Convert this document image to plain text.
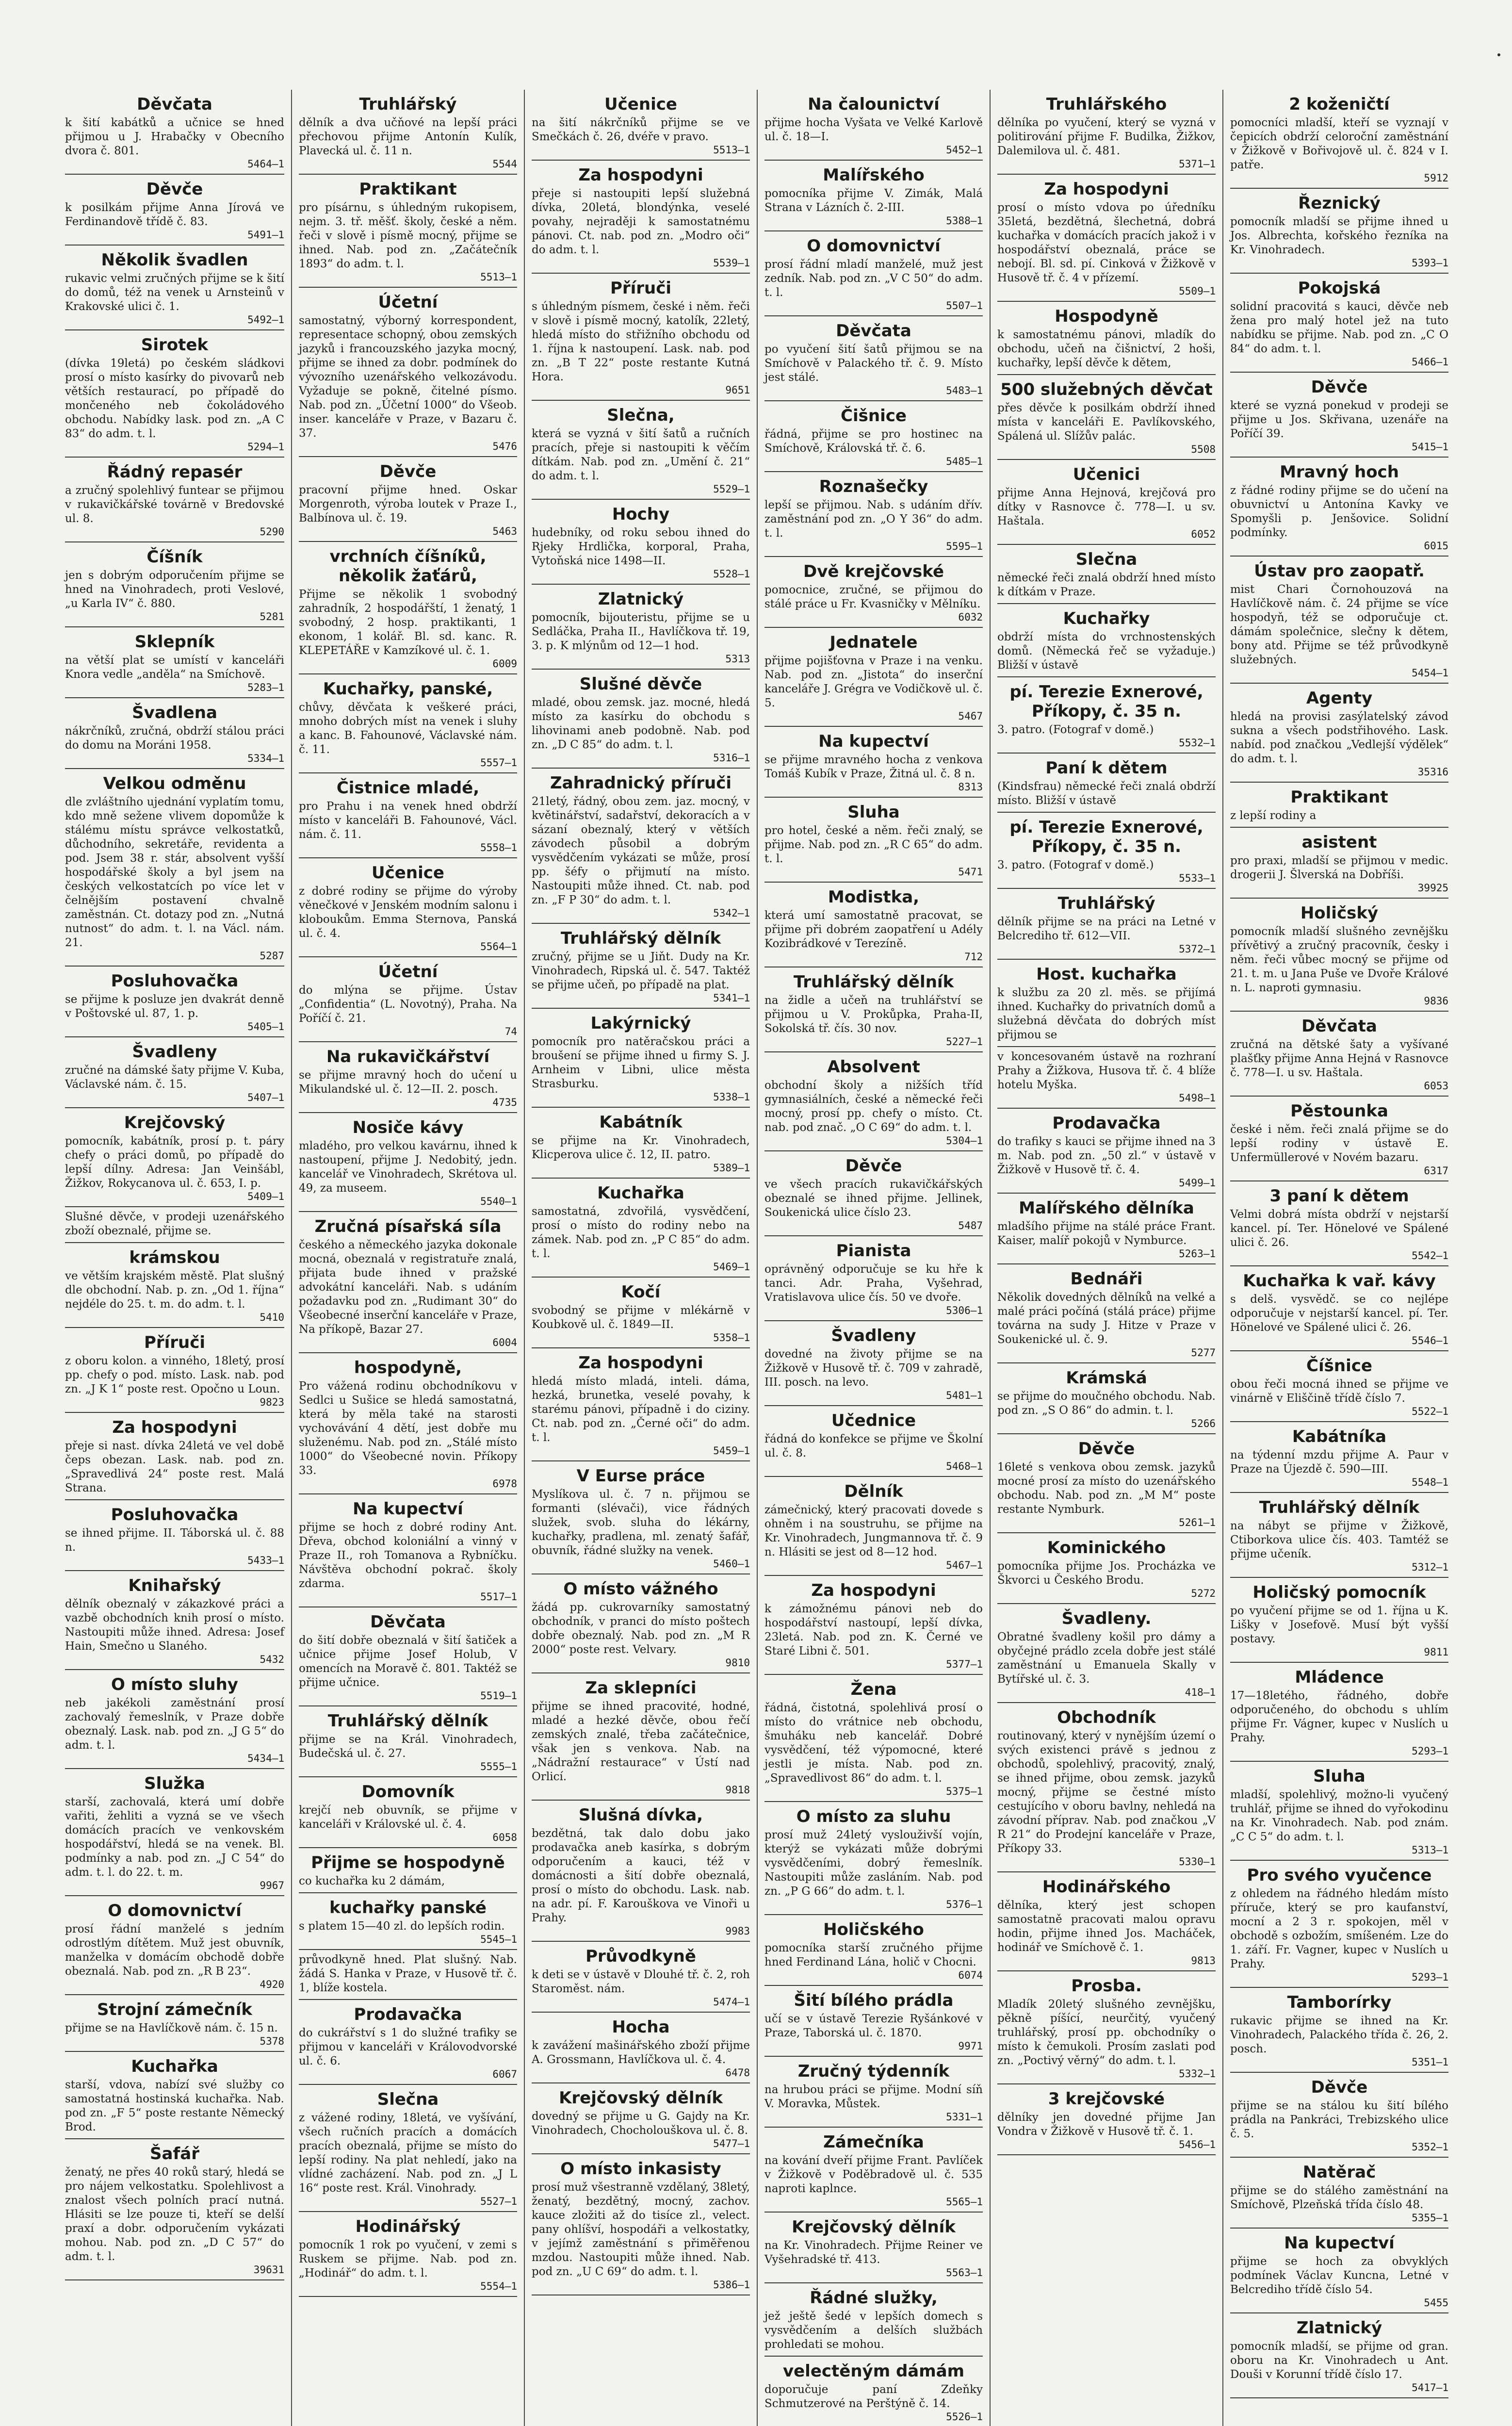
Děvčata

k šití kabátků a učnice se hned přijmou u J. Hrabačky v Obecního dvora č. 801.

5464—1

Děvče

k posilkám přijme Anna Jírová ve Ferdinandově třídě č. 83.

5491—1

Několik švadlen

rukavic velmi zručných přijme se k šití do domů, též na venek u Arnsteinů v Krakovské ulici č. 1.

5492—1

Sirotek

(dívka 19letá) po českém sládkovi prosí o místo kasírky do pivovarů neb větších restaurací, po případě do mončeného neb čokoládového obchodu. Nabídky lask. pod zn. „A C 83“ do adm. t. l.

5294—1

Řádný repasér

a zručný spolehlivý funtear se přijmou v rukavičkářské továrně v Bredovské ul. 8.

5290

Číšník

jen s dobrým odporučením přijme se hned na Vinohradech, proti Veslové, „u Karla IV“ č. 880.

5281

Sklepník

na větší plat se umístí v kanceláři Knora vedle „anděla“ na Smíchově.

5283—1

Švadlena

nákrčníků, zručná, obdrží stálou práci do domu na Moráni 1958.

5334—1

Velkou odměnu

dle zvláštního ujednání vyplatím tomu, kdo mně sežene vlivem dopomůže k stálému místu správce velkostatků, důchodního, sekretáře, revidenta a pod. Jsem 38 r. stár, absolvent vyšší hospodářské školy a byl jsem na českých velkostatcích po více let v čelnějším postavení chvalně zaměstnán. Ct. dotazy pod zn. „Nutná nutnost“ do adm. t. l. na Václ. nám. 21.

5287

Posluhovačka

se přijme k posluze jen dvakrát denně v Poštovské ul. 87, 1. p.

5405—1

Švadleny

zručné na dámské šaty přijme V. Kuba, Václavské nám. č. 15.

5407—1

Krejčovský

pomocník, kabátník, prosí p. t. páry chefy o práci domů, po případě do lepší dílny. Adresa: Jan Veinšábl, Žižkov, Rokycanova ul. č. 653, I. p.

5409—1

Slušné děvče, v prodeji uzenářského zboží obeznalé, přijme se.

krámskou

ve větším krajském městě. Plat slušný dle obchodní. Nab. p. zn. „Od 1. října“ nejdéle do 25. t. m. do adm. t. l.

5410

Příruči

z oboru kolon. a vinného, 18letý, prosí pp. chefy o pod. místo. Lask. nab. pod zn. „J K 1“ poste rest. Opočno u Loun.

9823

Za hospodyni

přeje si nast. dívka 24letá ve vel době čeps obezan. Lask. nab. pod zn. „Spravedlivá 24“ poste rest. Malá Strana.

Posluhovačka

se ihned přijme. II. Táborská ul. č. 88 n.

5433—1

Knihařský

dělník obeznalý v zákazkové práci a vazbě obchodních knih prosí o místo. Nastoupiti může ihned. Adresa: Josef Hain, Smečno u Slaného.

5432

O místo sluhy

neb jakékoli zaměstnání prosí zachovalý řemeslník, v Praze dobře obeznalý. Lask. nab. pod zn. „J G 5“ do adm. t. l.

5434—1

Služka

starší, zachovalá, která umí dobře vařiti, žehliti a vyzná se ve všech domácích pracích ve venkovském hospodářství, hledá se na venek. Bl. podmínky a nab. pod zn. „J C 54“ do adm. t. l. do 22. t. m.

9967

O domovnictví

prosí řádní manželé s jedním odrostlým dítětem. Muž jest obuvník, manželka v domácím obchodě dobře obeznalá. Nab. pod zn. „R B 23“.

4920

Strojní zámečník

přijme se na Havlíčkově nám. č. 15 n.

5378

Kuchařka

starší, vdova, nabízí své služby co samostatná hostinská kuchařka. Nab. pod zn. „F 5“ poste restante Německý Brod.

Šafář

ženatý, ne přes 40 roků starý, hledá se pro nájem velkostatku. Spolehlivost a znalost všech polních prací nutná. Hlásiti se lze pouze ti, kteří se delší praxí a dobr. odporučením vykázati mohou. Nab. pod zn. „D C 57“ do adm. t. l.

39631

Truhlářský

dělník a dva učňové na lepší práci přechovou přijme Antonín Kulík, Plavecká ul. č. 11 n.

5544

Praktikant

pro písárnu, s úhledným rukopisem, nejm. 3. tř. měšť. školy, české a něm. řeči v slově i písmě mocný, přijme se ihned. Nab. pod zn. „Začátečník 1893“ do adm. t. l.

5513—1

Účetní

samostatný, výborný korrespondent, representace schopný, obou zemských jazyků i francouzského jazyka mocný, přijme se ihned za dobr. podmínek do vývozního uzenářského velkozávodu. Vyžaduje se pokně, čitelné písmo. Nab. pod zn. „Účetní 1000“ do Všeob. inser. kanceláře v Praze, v Bazaru č. 37.

5476

Děvče

pracovní přijme hned. Oskar Morgenroth, výroba loutek v Praze I., Balbínova ul. č. 19.

5463

vrchních číšníků, několik žaťárů,

Přijme se několik 1 svobodný zahradník, 2 hospodářští, 1 ženatý, 1 svobodný, 2 hosp. praktikanti, 1 ekonom, 1 kolář. Bl. sd. kanc. R. KLEPETÁŘE v Kamzíkové ul. č. 1.

6009

Kuchařky, panské,

chůvy, děvčata k veškeré práci, mnoho dobrých míst na venek i sluhy a kanc. B. Fahounové, Václavské nám. č. 11.

5557—1

Čistnice mladé,

pro Prahu i na venek hned obdrží místo v kanceláři B. Fahounové, Václ. nám. č. 11.

5558—1

Učenice

z dobré rodiny se přijme do výroby věnečkové v Jenském modním salonu i kloboukům. Emma Sternova, Panská ul. č. 4.

5564—1

Účetní

do mlýna se přijme. Ústav „Confidentia“ (L. Novotný), Praha. Na Poříčí č. 21.

74

Na rukavičkářství

se přijme mravný hoch do učení u Mikulandské ul. č. 12—II. 2. posch.

4735

Nosiče kávy

mladého, pro velkou kavárnu, ihned k nastoupení, přijme J. Nedobitý, jedn. kancelář ve Vinohradech, Skrétova ul. 49, za museem.

5540—1

Zručná písařská síla

českého a německého jazyka dokonale mocná, obeznalá v registratuře znalá, přijata bude ihned v pražské advokátní kanceláři. Nab. s udáním požadavku pod zn. „Rudimant 30“ do Všeobecné inserční kanceláře v Praze, Na příkopě, Bazar 27.

6004

hospodyně,

Pro vážená rodinu obchodníkovu v Sedlci u Sušice se hledá samostatná, která by měla také na starosti vychovávání 4 dětí, jest dobře mu služenému. Nab. pod zn. „Stálé místo 1000“ do Všeobecné novin. Příkopy 33.

6978

Na kupectví

přijme se hoch z dobré rodiny Ant. Dřeva, obchod koloniální a vinný v Praze II., roh Tomanova a Rybníčku. Návštěva obchodní pokrač. školy zdarma.

5517—1

Děvčata

do šití dobře obeznalá v šití šatiček a učnice přijme Josef Holub, V omencích na Moravě č. 801. Taktéž se přijme učnice.

5519—1

Truhlářský dělník

přijme se na Král. Vinohradech, Budečská ul. č. 27.

5555—1

Domovník

krejčí neb obuvník, se přijme v kanceláři v Královské ul. č. 4.

6058

Přijme se hospodyně

co kuchařka ku 2 dámám,

kuchařky panské

s platem 15—40 zl. do lepších rodin.

5545—1

průvodkyně hned. Plat slušný. Nab. žádá S. Hanka v Praze, v Husově tř. č. 1, blíže kostela.

Prodavačka

do cukrářství s 1 do služné trafiky se přijmou v kanceláři v Královodvorské ul. č. 6.

6067

Slečna

z vážené rodiny, 18letá, ve vyšívání, všech ručních pracích a domácích pracích obeznalá, přijme se místo do lepší rodiny. Na plat nehledí, jako na vlídné zacházení. Nab. pod zn. „J L 16“ poste rest. Král. Vinohrady.

5527—1

Hodinářský

pomocník 1 rok po vyučení, v zemi s Ruskem se přijme. Nab. pod zn. „Hodinář“ do adm. t. l.

5554—1

Učenice

na šití nákrčníků přijme se ve Smečkách č. 26, dvéře v pravo.

5513—1

Za hospodyni

přeje si nastoupiti lepší služebná dívka, 20letá, blondýnka, veselé povahy, nejraději k samostatnému pánovi. Ct. nab. pod zn. „Modro oči“ do adm. t. l.

5539—1

Příruči

s úhledným písmem, české i něm. řeči v slově i písmě mocný, katolík, 22letý, hledá místo do střižního obchodu od 1. října k nastoupení. Lask. nab. pod zn. „B T 22“ poste restante Kutná Hora.

9651

Slečna,

která se vyzná v šití šatů a ručních pracích, přeje si nastoupiti k věčím dítkám. Nab. pod zn. „Umění č. 21“ do adm. t. l.

5529—1

Hochy

hudebníky, od roku sebou ihned do Rjeky Hrdlička, korporal, Praha, Vytoňská nice 1498—II.

5528—1

Zlatnický

pomocník, bijouteristu, přijme se u Sedláčka, Praha II., Havlíčkova tř. 19, 3. p. K mlýnům od 12—1 hod.

5313

Slušné děvče

mladé, obou zemsk. jaz. mocné, hledá místo za kasírku do obchodu s lihovinami aneb podobně. Nab. pod zn. „D C 85“ do adm. t. l.

5316—1

Zahradnický příruči

21letý, řádný, obou zem. jaz. mocný, v květinářství, sadařství, dekoracích a v sázaní obeznalý, který v větších závodech působil a dobrým vysvědčením vykázati se může, prosí pp. šéfy o přijmutí na místo. Nastoupiti může ihned. Ct. nab. pod zn. „F P 30“ do adm. t. l.

5342—1

Truhlářský dělník

zručný, přijme se u Jiňt. Dudy na Kr. Vinohradech, Ripská ul. č. 547. Taktéž se přijme učeň, po případě na plat.

5341—1

Lakýrnický

pomocník pro natěračskou práci a broušení se přijme ihned u firmy S. J. Arnheim v Libni, ulice města Strasburku.

5338—1

Kabátník

se přijme na Kr. Vinohradech, Klicperova ulice č. 12, II. patro.

5389—1

Kuchařka

samostatná, zdvořilá, vysvědčení, prosí o místo do rodiny nebo na zámek. Nab. pod zn. „P C 85“ do adm. t. l.

5469—1

Kočí

svobodný se přijme v mlékárně v Koubkově ul. č. 1849—II.

5358—1

Za hospodyni

hledá místo mladá, inteli. dáma, hezká, brunetka, veselé povahy, k starému pánovi, případně i do ciziny. Ct. nab. pod zn. „Černé oči“ do adm. t. l.

5459—1

V Eurse práce

Myslíkova ul. č. 7 n. přijmou se formanti (slévači), vice řádných služek, svob. sluha do lékárny, kuchařky, pradlena, ml. zenatý šafář, obuvník, řádné služky na venek.

5460—1

O místo vážného

žádá pp. cukrovarníky samostatný obchodník, v pranci do místo poštech dobře obeznalý. Nab. pod zn. „M R 2000“ poste rest. Velvary.

9810

Za sklepníci

přijme se ihned pracovité, hodné, mladé a hezké děvče, obou řečí zemských znalé, třeba začátečnice, však jen s venkova. Nab. na „Nádražní restaurace“ v Ústí nad Orlicí.

9818

Slušná dívka,

bezdětná, tak dalo dobu jako prodavačka aneb kasírka, s dobrým odporučením a kauci, též v domácnosti a šití dobře obeznalá, prosí o místo do obchodu. Lask. nab. na adr. pí. F. Karouškova ve Vinoři u Prahy.

9983

Průvodkyně

k deti se v ústavě v Dlouhé tř. č. 2, roh Staroměst. nám.

5474—1

Hocha

k zavážení mašinářského zboží přijme A. Grossmann, Havlíčkova ul. č. 4.

6478

Krejčovský dělník

dovedný se přijme u G. Gajdy na Kr. Vinohradech, Chocholouškova ul. č. 8.

5477—1

O místo inkasisty

prosí muž všestranně vzdělaný, 38letý, ženatý, bezdětný, mocný, zachov. kauce zložiti až do tisíce zl., velect. pany ohlíšví, hospodáři a velkostatky, v jejímž zaměstnání s přiměřenou mzdou. Nastoupiti může ihned. Nab. pod zn. „U C 69“ do adm. t. l.

5386—1

Na čalounictví

přijme hocha Vyšata ve Velké Karlově ul. č. 18—I.

5452—1

Malířského

pomocníka přijme V. Zimák, Malá Strana v Lázních č. 2-III.

5388—1

O domovnictví

prosí řádní mladí manželé, muž jest zedník. Nab. pod zn. „V C 50“ do adm. t. l.

5507—1

Děvčata

po vyučení šití šatů přijmou se na Smíchově v Palackého tř. č. 9. Místo jest stálé.

5483—1

Čišnice

řádná, přijme se pro hostinec na Smíchově, Královská tř. č. 6.

5485—1

Roznašečky

lepší se přijmou. Nab. s udáním dřív. zaměstnání pod zn. „O Y 36“ do adm. t. l.

5595—1

Dvě krejčovské

pomocnice, zručné, se přijmou do stálé práce u Fr. Kvasničky v Mělníku.

6032

Jednatele

přijme pojišťovna v Praze i na venku. Nab. pod zn. „Jistota“ do inserční kanceláře J. Grégra ve Vodičkově ul. č. 5.

5467

Na kupectví

se přijme mravného hocha z venkova Tomáš Kubík v Praze, Žitná ul. č. 8 n.

8313

Sluha

pro hotel, české a něm. řeči znalý, se přijme. Nab. pod zn. „R C 65“ do adm. t. l.

5471

Modistka,

která umí samostatně pracovat, se přijme při dobrém zaopatření u Adély Kozibrádkové v Terezíně.

712

Truhlářský dělník

na židle a učeň na truhlářství se přijmou u V. Prokůpka, Praha-II, Sokolská tř. čís. 30 nov.

5227—1

Absolvent

obchodní školy a nižších tříd gymnasiálních, české a německé řeči mocný, prosí pp. chefy o místo. Ct. nab. pod znač. „O C 69“ do adm. t. l.

5304—1

Děvče

ve všech pracích rukavičkářských obeznalé se ihned přijme. Jellinek, Soukenická ulice číslo 23.

5487

Pianista

oprávněný odporučuje se ku hře k tanci. Adr. Praha, Vyšehrad, Vratislavova ulice čís. 50 ve dvoře.

5306—1

Švadleny

dovedné na životy přijme se na Žižkově v Husově tř. č. 709 v zahradě, III. posch. na levo.

5481—1

Učednice

řádná do konfekce se přijme ve Školní ul. č. 8.

5468—1

Dělník

zámečnický, který pracovati dovede s ohněm i na soustruhu, se přijme na Kr. Vinohradech, Jungmannova tř. č. 9 n. Hlásiti se jest od 8—12 hod.

5467—1

Za hospodyni

k zámožnému pánovi neb do hospodářství nastoupí, lepší dívka, 23letá. Nab. pod zn. K. Černé ve Staré Libni č. 501.

5377—1

Žena

řádná, čistotná, spolehlivá prosí o místo do vrátnice neb obchodu, šmuháku neb kancelář. Dobré vysvědčení, též výpomocné, které jestli je místa. Nab. pod zn. „Spravedlivost 86“ do adm. t. l.

5375—1

O místo za sluhu

prosí muž 24letý vyslouživší vojín, kterýž se vykázati může dobrými vysvědčeními, dobrý řemeslník. Nastoupiti může zasláním. Nab. pod zn. „P G 66“ do adm. t. l.

5376—1

Holičského

pomocníka starší zručného přijme hned Ferdinand Lána, holič v Chocni.

6074

Šití bílého prádla

učí se v ústavě Terezie Ryšánkové v Praze, Taborská ul. č. 1870.

9971

Zručný týdenník

na hrubou práci se přijme. Modní síň V. Moravka, Můstek.

5331—1

Zámečníka

na kování dveří přijme Frant. Pavlíček v Žižkově v Poděbradově ul. č. 535 naproti kaplnce.

5565—1

Krejčovský dělník

na Kr. Vinohradech. Přijme Reiner ve Vyšehradské tř. 413.

5563—1

Řádné služky,

jež ještě šedé v lepších domech s vysvědčením a delších službách prohledati se mohou.

velectěným dámám

doporučuje paní Zdeňky Schmutzerové na Perštýně č. 14.

5526—1

Truhlářského

dělníka po vyučení, který se vyzná v politirování přijme F. Budilka, Žižkov, Dalemilova ul. č. 481.

5371—1

Za hospodyni

prosí o místo vdova po úředníku 35letá, bezdětná, šlechetná, dobrá kuchařka v domácích pracích jakož i v hospodářství obeznalá, práce se nebojí. Bl. sd. pí. Cinková v Žižkově v Husově tř. č. 4 v přízemí.

5509—1

Hospodyně

k samostatnému pánovi, mladík do obchodu, učeň na čišnictví, 2 hoši, kuchařky, lepší děvče k dětem,

500 služebných děvčat

přes děvče k posilkám obdrží ihned místa v kanceláři E. Pavlíkovského, Spálená ul. Slížův palác.

5508

Učenici

přijme Anna Hejnová, krejčová pro dítky v Rasnovce č. 778—I. u sv. Haštala.

6052

Slečna

německé řeči znalá obdrží hned místo k dítkám v Praze.

Kuchařky

obdrží místa do vrchnostenských domů. (Německá řeč se vyžaduje.) Bližší v ústavě

pí. Terezie Exnerové, Příkopy, č. 35 n.

3. patro. (Fotograf v domě.)

5532—1

Paní k dětem

(Kindsfrau) německé řeči znalá obdrží místo. Bližší v ústavě

pí. Terezie Exnerové, Příkopy, č. 35 n.

3. patro. (Fotograf v domě.)

5533—1

Truhlářský

dělník přijme se na práci na Letné v Belcrediho tř. 612—VII.

5372—1

Host. kuchařka

k službu za 20 zl. měs. se přijímá ihned. Kuchařky do privatních domů a služebná děvčata do dobrých míst přijmou se

v koncesovaném ústavě na rozhraní Prahy a Žižkova, Husova tř. č. 4 blíže hotelu Myška.

5498—1

Prodavačka

do trafiky s kauci se přijme ihned na 3 m. Nab. pod zn. „50 zl.“ v ústavě v Žižkově v Husově tř. č. 4.

5499—1

Malířského dělníka

mladšího přijme na stálé práce Frant. Kaiser, malíř pokojů v Nymburce.

5263—1

Bednáři

Několik dovedných dělníků na velké a malé práci počíná (stálá práce) přijme továrna na sudy J. Hitze v Praze v Soukenické ul. č. 9.

5277

Krámská

se přijme do moučného obchodu. Nab. pod zn. „S O 86“ do admin. t. l.

5266

Děvče

16leté s venkova obou zemsk. jazyků mocné prosí za místo do uzenářského obchodu. Nab. pod zn. „M M“ poste restante Nymburk.

5261—1

Kominického

pomocníka přijme Jos. Procházka ve Škvorci u Českého Brodu.

5272

Švadleny.

Obratné švadleny košil pro dámy a obyčejné prádlo zcela dobře jest stálé zaměstnání u Emanuela Skally v Bytířské ul. č. 3.

418—1

Obchodník

routinovaný, který v nynějším území o svých existenci právě s jednou z obchodů, spolehlivý, pracovitý, znalý, se ihned přijme, obou zemsk. jazyků mocný, přijme se čestné místo cestujícího v oboru bavlny, nehledá na závodní příprav. Nab. pod značkou „V R 21“ do Prodejní kanceláře v Praze, Příkopy 33.

5330—1

Hodinářského

dělníka, který jest schopen samostatně pracovati malou opravu hodin, přijme ihned Jos. Macháček, hodinář ve Smíchově č. 1.

9813

Prosba.

Mladík 20letý slušného zevnějšku, pěkně píšící, neurčitý, vyučený truhlářský, prosí pp. obchodníky o místo k čemukoli. Prosím zaslati pod zn. „Poctivý věrný“ do adm. t. l.

5332—1

3 krejčovské

dělníky jen dovedné přijme Jan Vondra v Žižkově v Husově tř. č. 1.

5456—1

2 koženičtí

pomocníci mladší, kteří se vyznají v čepicích obdrží celoroční zaměstnání v Žižkově v Bořivojově ul. č. 824 v I. patře.

5912

Řeznický

pomocník mladší se přijme ihned u Jos. Albrechta, kořského řezníka na Kr. Vinohradech.

5393—1

Pokojská

solidní pracovitá s kauci, děvče neb žena pro malý hotel jež na tuto nabídku se přijme. Nab. pod zn. „C O 84“ do adm. t. l.

5466—1

Děvče

které se vyzná ponekud v prodeji se přijme u Jos. Skřivana, uzenáře na Poříčí 39.

5415—1

Mravný hoch

z řádné rodiny přijme se do učení na obuvnictví u Antonína Kavky ve Spomyšli p. Jenšovice. Solidní podmínky.

6015

Ústav pro zaopatř.

mist Chari Čornohouzová na Havlíčkově nám. č. 24 přijme se více hospodyň, též se odporučuje ct. dámám společnice, slečny k dětem, bony atd. Přijme se též průvodkyně služebných.

5454—1

Agenty

hledá na provisi zasýlatelský závod sukna a všech podstřihového. Lask. nabíd. pod značkou „Vedlejší výdělek“ do adm. t. l.

35316

Praktikant

z lepší rodiny a

asistent

pro praxi, mladší se přijmou v medic. drogerii J. Šlverská na Dobříši.

39925

Holičský

pomocník mladší slušného zevnějšku přívětivý a zručný pracovník, česky i něm. řeči vůbec mocný se přijme od 21. t. m. u Jana Puše ve Dvoře Králové n. L. naproti gymnasiu.

9836

Děvčata

zručná na dětské šaty a vyšívané plašťky přijme Anna Hejná v Rasnovce č. 778—I. u sv. Haštala.

6053

Pěstounka

české i něm. řeči znalá přijme se do lepší rodiny v ústavě E. Unfermüllerové v Novém bazaru.

6317

3 paní k dětem

Velmi dobrá místa obdrží v nejstarší kancel. pí. Ter. Hönelové ve Spálené ulici č. 26.

5542—1

Kuchařka k vař. kávy

s delš. vysvědč. se co nejlépe odporučuje v nejstarší kancel. pí. Ter. Hönelové ve Spálené ulici č. 26.

5546—1

Číšnice

obou řeči mocná ihned se přijme ve vinárně v Eliščině třídě číslo 7.

5522—1

Kabátníka

na týdenní mzdu přijme A. Paur v Praze na Újezdě č. 590—III.

5548—1

Truhlářský dělník

na nábyt se přijme v Žižkově, Ctiborkova ulice čís. 403. Tamtéž se přijme učeník.

5312—1

Holičský pomocník

po vyučení přijme se od 1. října u K. Lišky v Josefově. Musí být vyšší postavy.

9811

Mládence

17—18letého, řádného, dobře odporučeného, do obchodu s uhlím přijme Fr. Vágner, kupec v Nuslích u Prahy.

5293—1

Sluha

mladší, spolehlivý, možno-li vyučený truhlář, přijme se ihned do vyřokodinu na Kr. Vinohradech. Nab. pod znám. „C C 5“ do adm. t. l.

5313—1

Pro svého vyučence

z ohledem na řádného hledám místo příruče, který se pro kaufanství, mocní a 2 3 r. spokojen, měl v obchodě s ozbožím, smíšeném. Lze do 1. září. Fr. Vagner, kupec v Nuslích u Prahy.

5293—1

Tamborírky

rukavic přijme se ihned na Kr. Vinohradech, Palackého třída č. 26, 2. posch.

5351—1

Děvče

přijme se na stálou ku šití bílého prádla na Pankráci, Trebizského ulice č. 5.

5352—1

Natěrač

přijme se do stálého zaměstnání na Smíchově, Plzeňská třída číslo 48.

5355—1

Na kupectví

přijme se hoch za obvyklých podmínek Václav Kuncna, Letné v Belcrediho třídě číslo 54.

5455

Zlatnický

pomocník mladší, se přijme od gran. oboru na Kr. Vinohradech u Ant. Douši v Korunní třídě číslo 17.

5417—1
